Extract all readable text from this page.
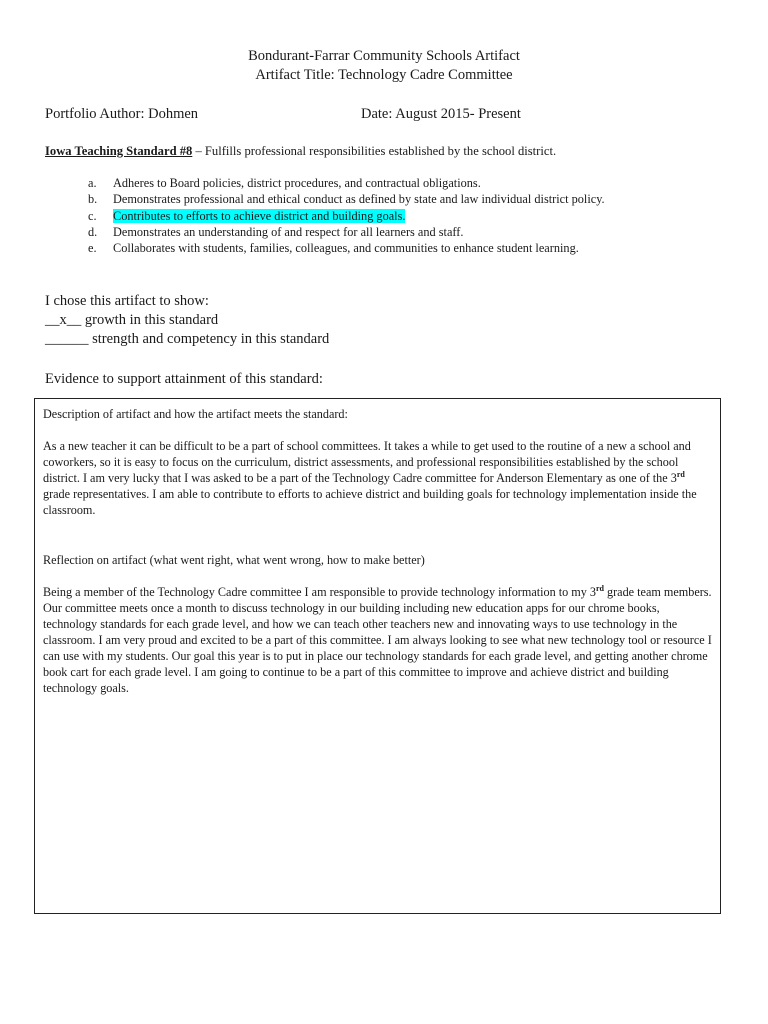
Bondurant-Farrar Community Schools Artifact
Artifact Title: Technology Cadre Committee
Portfolio Author: Dohmen	Date: August 2015- Present
Iowa Teaching Standard #8 – Fulfills professional responsibilities established by the school district.
a. Adheres to Board policies, district procedures, and contractual obligations.
b. Demonstrates professional and ethical conduct as defined by state and law individual district policy.
c. Contributes to efforts to achieve district and building goals.
d. Demonstrates an understanding of and respect for all learners and staff.
e. Collaborates with students, families, colleagues, and communities to enhance student learning.
I chose this artifact to show:
__x__ growth in this standard
______ strength and competency in this standard
Evidence to support attainment of this standard:

Description of artifact and how the artifact meets the standard:

As a new teacher it can be difficult to be a part of school committees. It takes a while to get used to the routine of a new a school and coworkers, so it is easy to focus on the curriculum, district assessments, and professional responsibilities established by the school district. I am very lucky that I was asked to be a part of the Technology Cadre committee for Anderson Elementary as one of the 3rd grade representatives. I am able to contribute to efforts to achieve district and building goals for technology implementation inside the classroom.

Reflection on artifact (what went right, what went wrong, how to make better)

Being a member of the Technology Cadre committee I am responsible to provide technology information to my 3rd grade team members. Our committee meets once a month to discuss technology in our building including new education apps for our chrome books, technology standards for each grade level, and how we can teach other teachers new and innovating ways to use technology in the classroom. I am very proud and excited to be a part of this committee. I am always looking to see what new technology tool or resource I can use with my students. Our goal this year is to put in place our technology standards for each grade level, and getting another chrome book cart for each grade level. I am going to continue to be a part of this committee to improve and achieve district and building technology goals.
